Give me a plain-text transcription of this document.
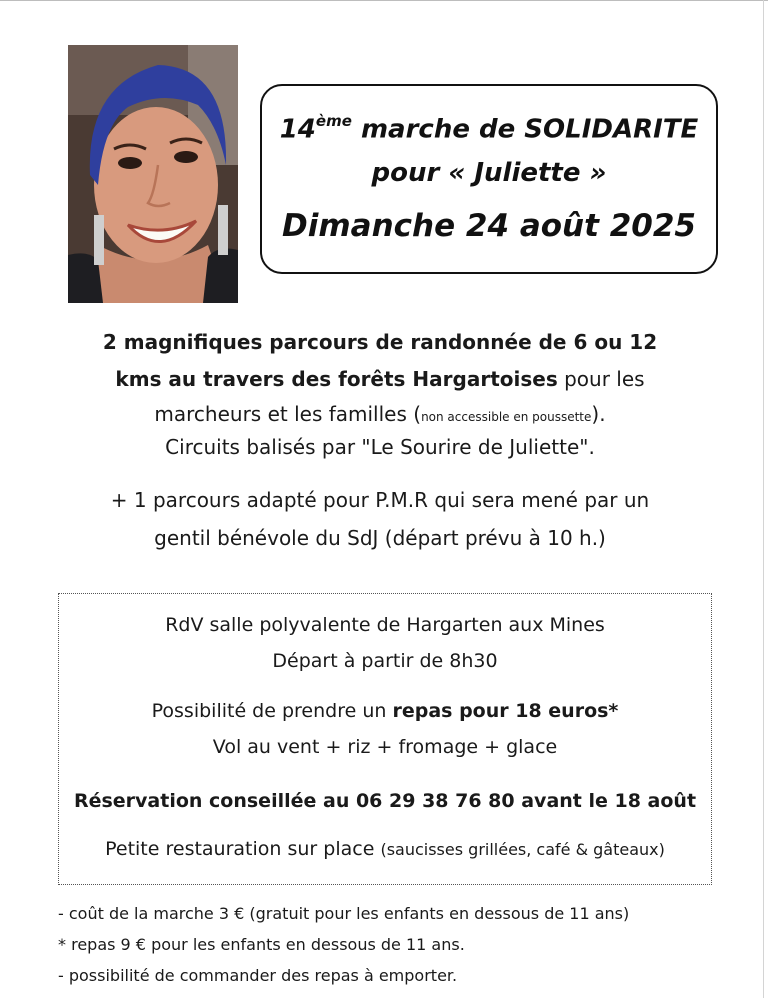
14ème marche de SOLIDARITE
pour « Juliette »
Dimanche 24 août 2025
2 magnifiques parcours de randonnée de 6 ou 12
kms au travers des forêts Hargartoises pour les
marcheurs et les familles (non accessible en poussette).
Circuits balisés par "Le Sourire de Juliette".
+ 1 parcours adapté pour P.M.R qui sera mené par un
gentil bénévole du SdJ (départ prévu à 10 h.)
RdV salle polyvalente de Hargarten aux Mines
Départ à partir de 8h30
Possibilité de prendre un repas pour 18 euros*
Vol au vent + riz + fromage + glace
Réservation conseillée au 06 29 38 76 80 avant le 18 août
Petite restauration sur place (saucisses grillées, café & gâteaux)
- coût de la marche 3 € (gratuit pour les enfants en dessous de 11 ans)
* repas 9 € pour les enfants en dessous de 11 ans.
- possibilité de commander des repas à emporter.
